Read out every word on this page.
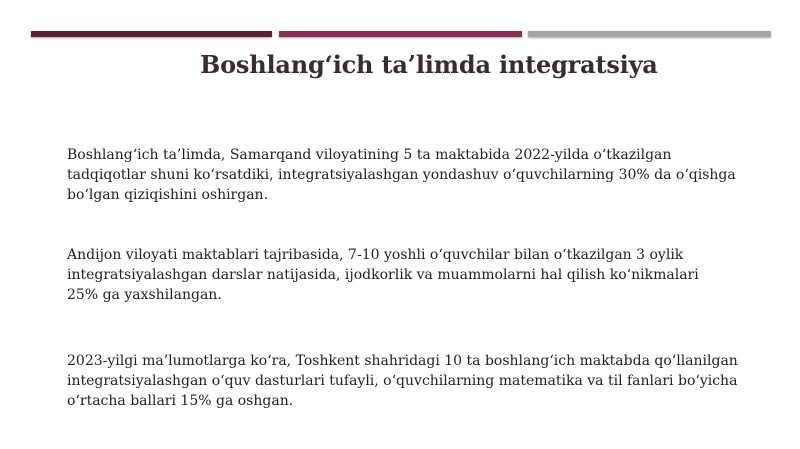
Boshlang‘ich ta’limda integratsiya

Boshlang‘ich ta’limda, Samarqand viloyatining 5 ta maktabida 2022-yilda o‘tkazilgan
tadqiqotlar shuni ko‘rsatdiki, integratsiyalashgan yondashuv o‘quvchilarning 30% da o‘qishga
bo‘lgan qiziqishini oshirgan.

Andijon viloyati maktablari tajribasida, 7-10 yoshli o‘quvchilar bilan o‘tkazilgan 3 oylik
integratsiyalashgan darslar natijasida, ijodkorlik va muammolarni hal qilish ko‘nikmalari
25% ga yaxshilangan.

2023-yilgi ma’lumotlarga ko‘ra, Toshkent shahridagi 10 ta boshlang‘ich maktabda qo‘llanilgan
integratsiyalashgan o‘quv dasturlari tufayli, o‘quvchilarning matematika va til fanlari bo‘yicha
o‘rtacha ballari 15% ga oshgan.
